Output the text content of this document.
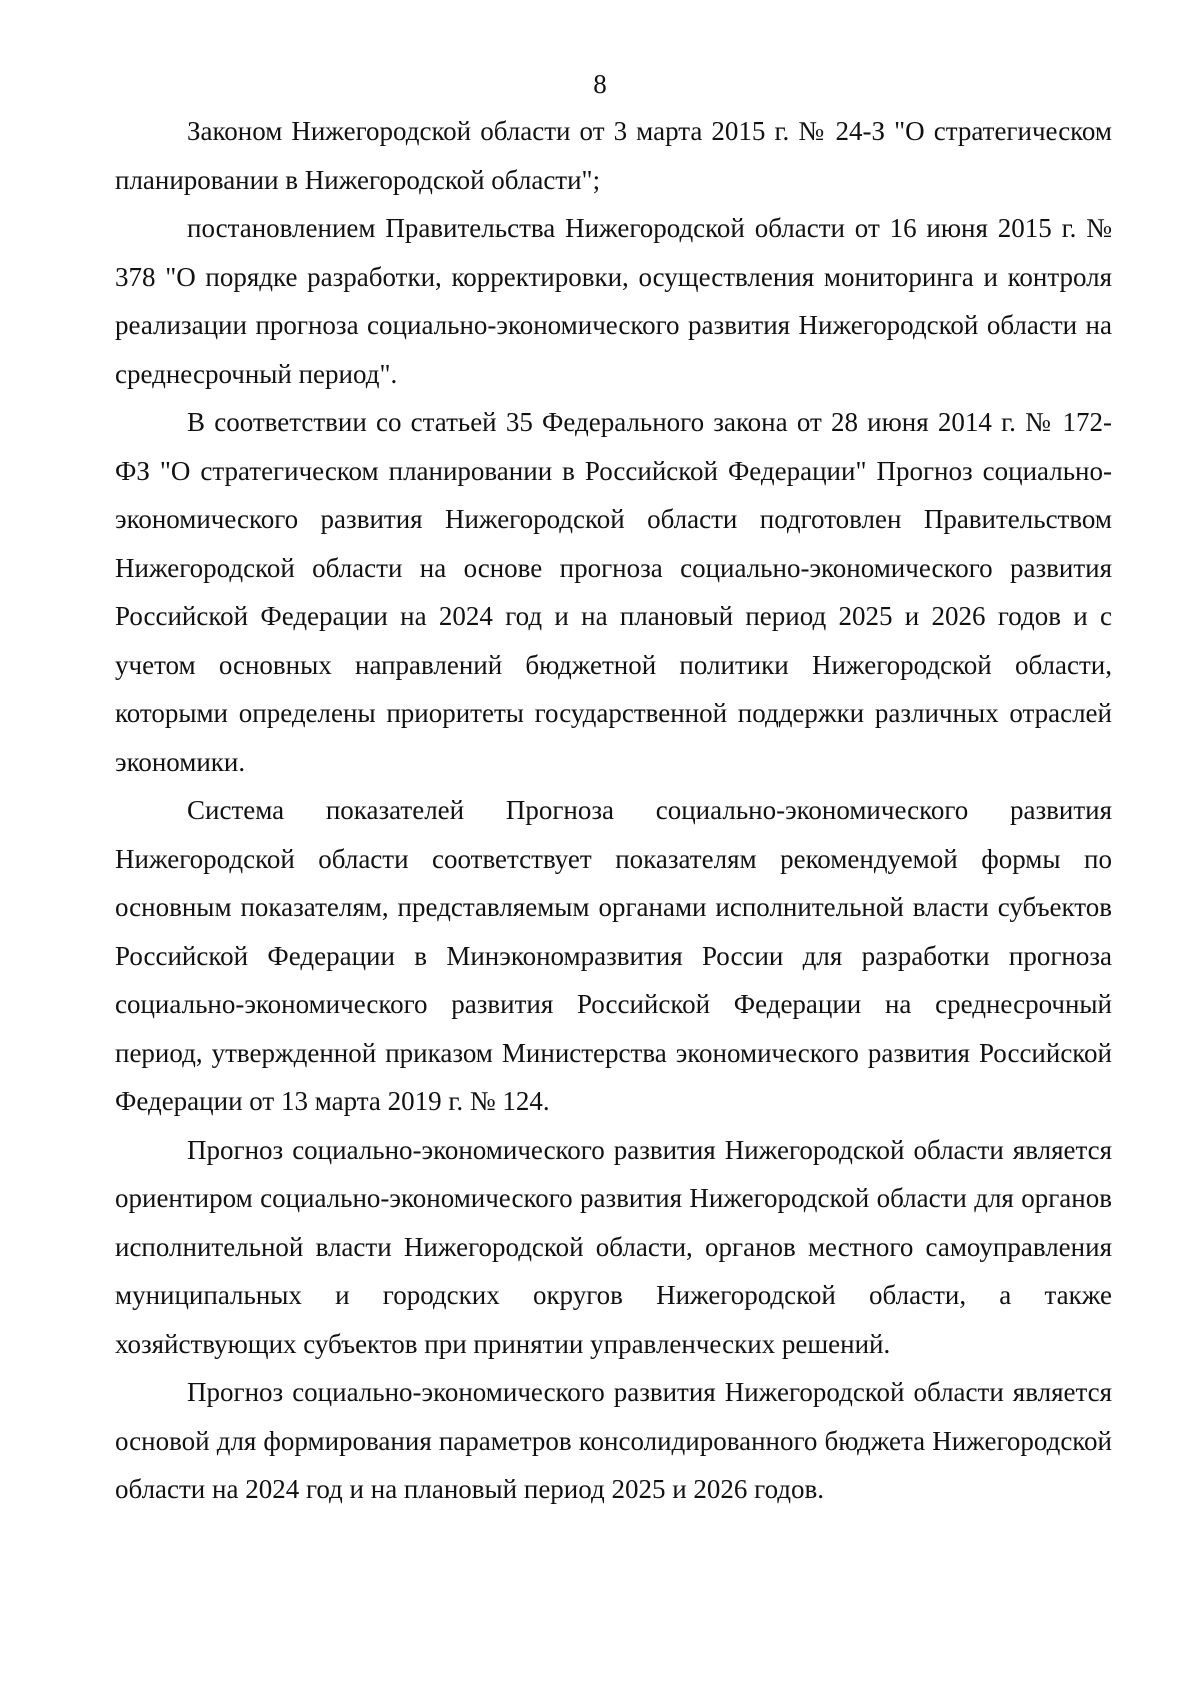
8

Законом Нижегородской области от 3 марта 2015 г. № 24-З "О стратегическом планировании в Нижегородской области";

постановлением Правительства Нижегородской области от 16 июня 2015 г. № 378 "О порядке разработки, корректировки, осуществления мониторинга и контроля реализации прогноза социально-экономического развития Нижегородской области на среднесрочный период".

В соответствии со статьей 35 Федерального закона от 28 июня 2014 г. № 172-ФЗ "О стратегическом планировании в Российской Федерации" Прогноз социально-экономического развития Нижегородской области подготовлен Правительством Нижегородской области на основе прогноза социально-экономического развития Российской Федерации на 2024 год и на плановый период 2025 и 2026 годов и с учетом основных направлений бюджетной политики Нижегородской области, которыми определены приоритеты государственной поддержки различных отраслей экономики.

Система показателей Прогноза социально-экономического развития Нижегородской области соответствует показателям рекомендуемой формы по основным показателям, представляемым органами исполнительной власти субъектов Российской Федерации в Минэкономразвития России для разработки прогноза социально-экономического развития Российской Федерации на среднесрочный период, утвержденной приказом Министерства экономического развития Российской Федерации от 13 марта 2019 г. № 124.

Прогноз социально-экономического развития Нижегородской области является ориентиром социально-экономического развития Нижегородской области для органов исполнительной власти Нижегородской области, органов местного самоуправления муниципальных и городских округов Нижегородской области, а также хозяйствующих субъектов при принятии управленческих решений.

Прогноз социально-экономического развития Нижегородской области является основой для формирования параметров консолидированного бюджета Нижегородской области на 2024 год и на плановый период 2025 и 2026 годов.
